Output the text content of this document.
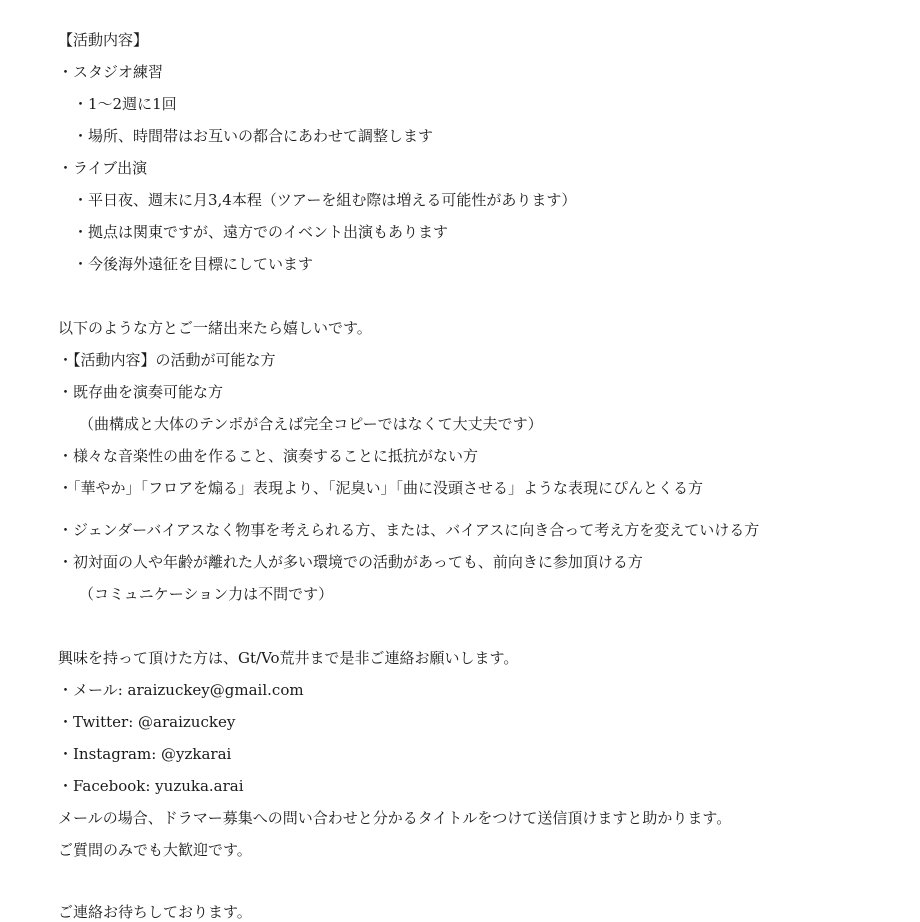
【活動内容】
・スタジオ練習
・1～2週に1回
・場所、時間帯はお互いの都合にあわせて調整します
・ライブ出演
・平日夜、週末に月3,4本程（ツアーを組む際は増える可能性があります）
・拠点は関東ですが、遠方でのイベント出演もあります
・今後海外遠征を目標にしています
以下のような方とご一緒出来たら嬉しいです。
・【活動内容】の活動が可能な方
・既存曲を演奏可能な方
（曲構成と大体のテンポが合えば完全コピーではなくて大丈夫です）
・様々な音楽性の曲を作ること、演奏することに抵抗がない方
・「華やか」「フロアを煽る」表現より、「泥臭い」「曲に没頭させる」ような表現にぴんとくる方
・ジェンダーバイアスなく物事を考えられる方、または、バイアスに向き合って考え方を変えていける方
・初対面の人や年齢が離れた人が多い環境での活動があっても、前向きに参加頂ける方
（コミュニケーション力は不問です）
興味を持って頂けた方は、Gt/Vo荒井まで是非ご連絡お願いします。
・メール: araizuckey@gmail.com
・Twitter: @araizuckey
・Instagram: @yzkarai
・Facebook: yuzuka.arai
メールの場合、ドラマー募集への問い合わせと分かるタイトルをつけて送信頂けますと助かります。
ご質問のみでも大歓迎です。
ご連絡お待ちしております。
